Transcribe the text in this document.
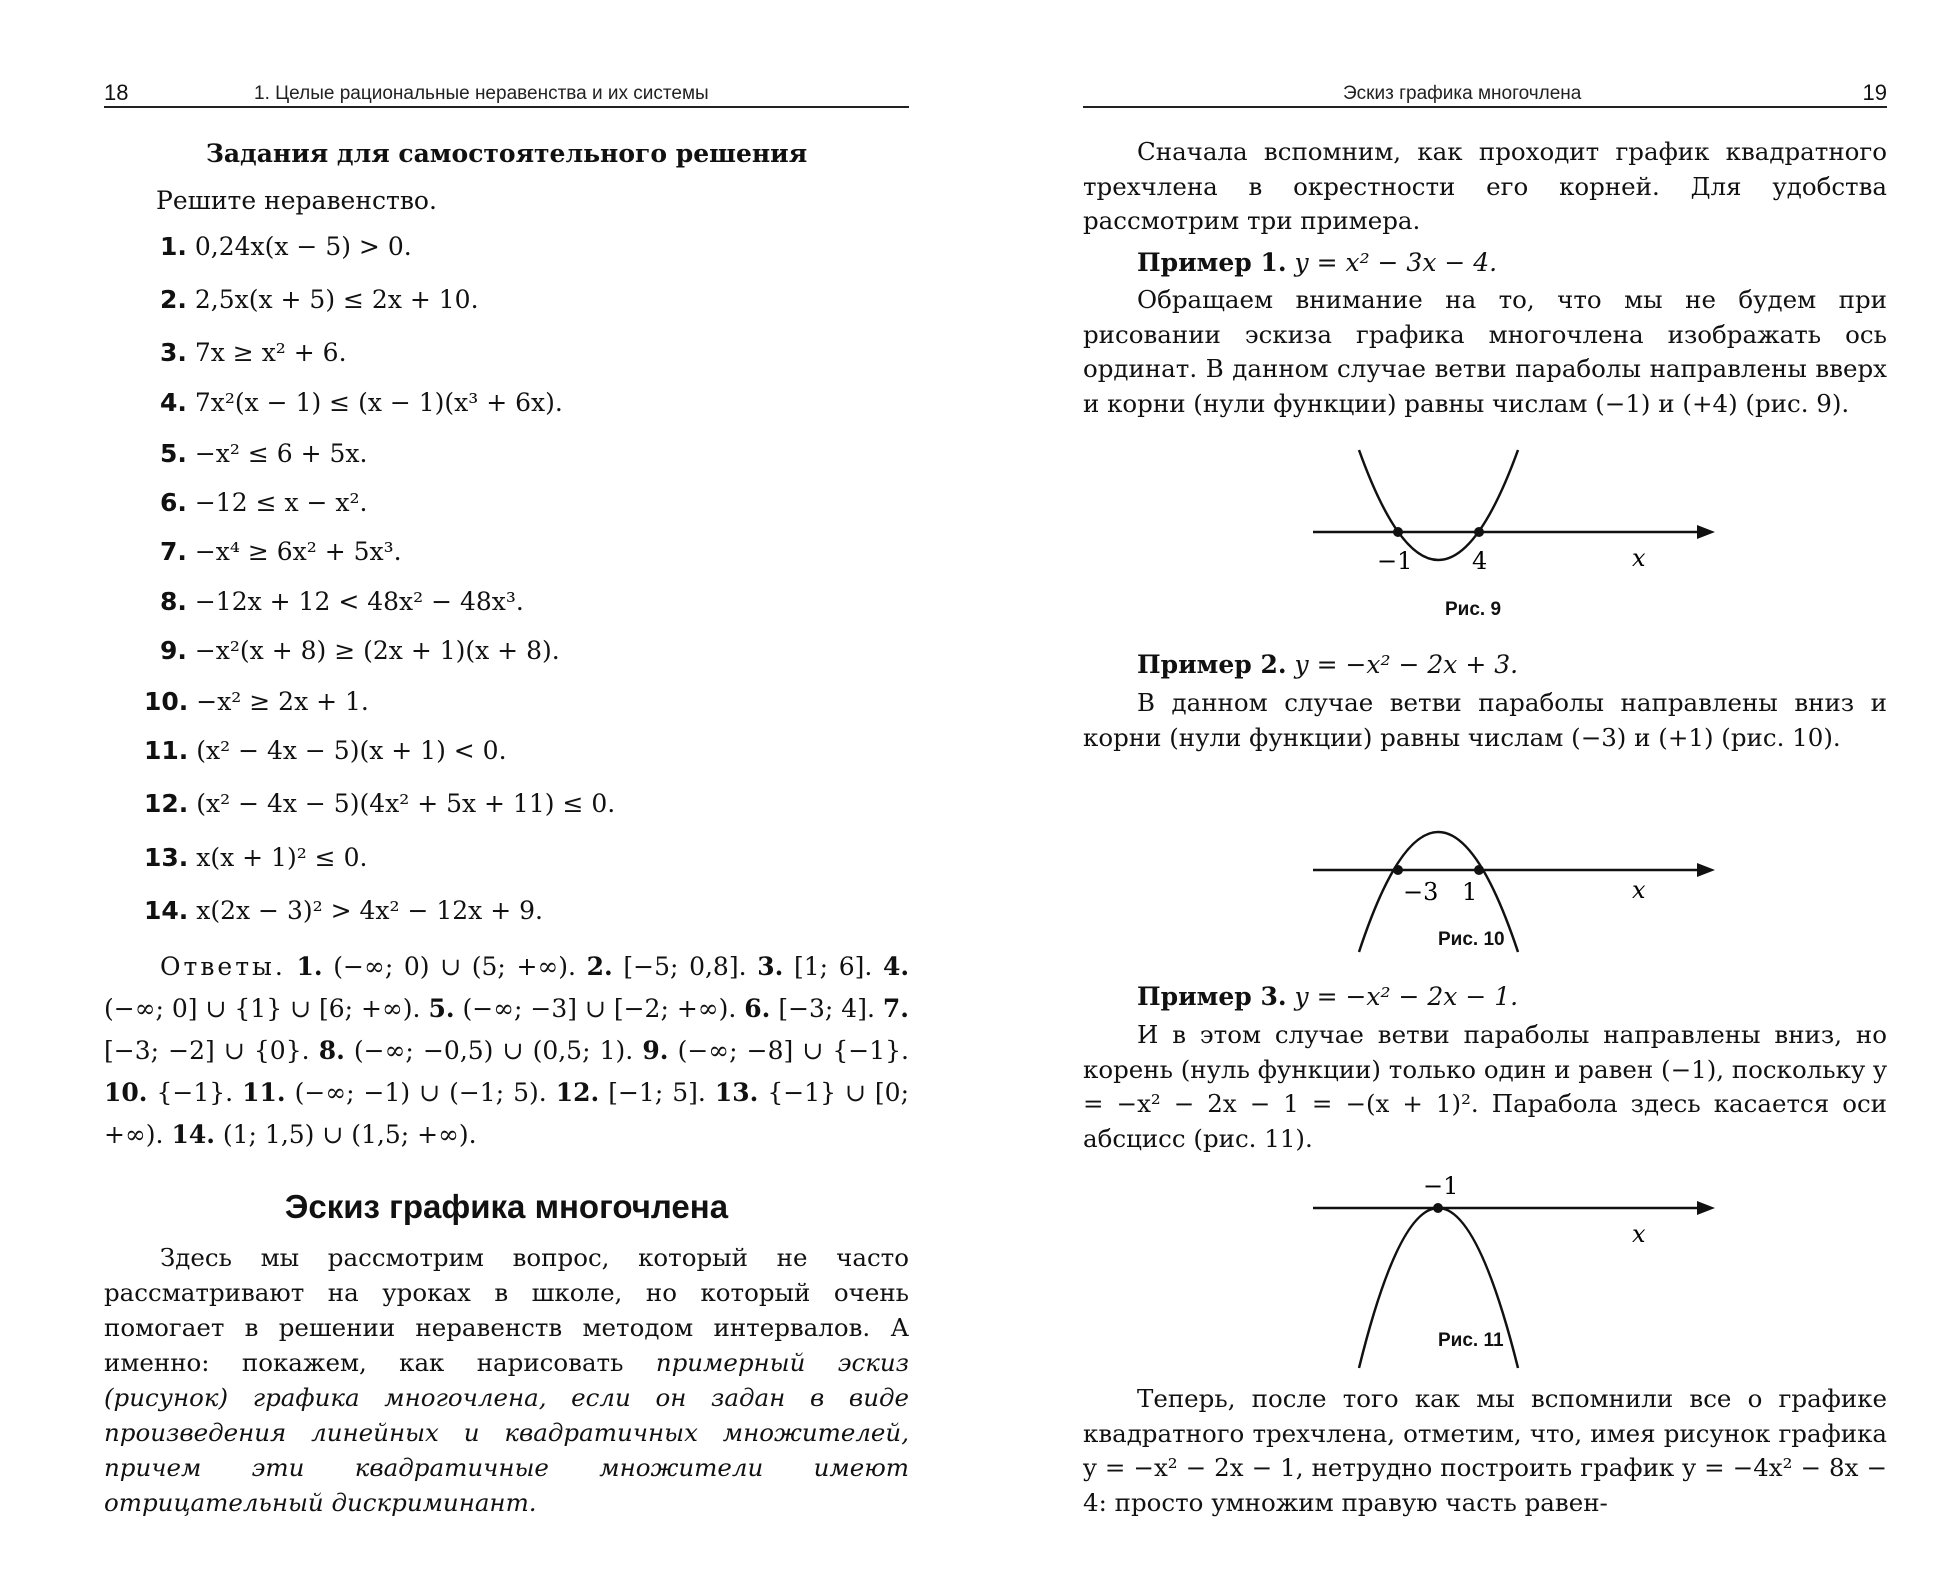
18	1. Целые рациональные неравенства и их системы
Задания для самостоятельного решения

Решите неравенство.

1. 0,24x(x − 5) > 0.
2. 2,5x(x + 5) ≤ 2x + 10.
3. 7x ≥ x² + 6.
4. 7x²(x − 1) ≤ (x − 1)(x³ + 6x).
5. −x² ≤ 6 + 5x.
6. −12 ≤ x − x².
7. −x⁴ ≥ 6x² + 5x³.
8. −12x + 12 < 48x² − 48x³.
9. −x²(x + 8) ≥ (2x + 1)(x + 8).
10. −x² ≥ 2x + 1.
11. (x² − 4x − 5)(x + 1) < 0.
12. (x² − 4x − 5)(4x² + 5x + 11) ≤ 0.
13. x(x + 1)² ≤ 0.
14. x(2x − 3)² > 4x² − 12x + 9.

Ответы. 1. (−∞; 0) ∪ (5; +∞). 2. [−5; 0,8]. 3. [1; 6]. 4. (−∞; 0] ∪ {1} ∪ [6; +∞). 5. (−∞; −3] ∪ [−2; +∞). 6. [−3; 4]. 7. [−3; −2] ∪ {0}. 8. (−∞; −0,5) ∪ (0,5; 1). 9. (−∞; −8] ∪ {−1}. 10. {−1}. 11. (−∞; −1) ∪ (−1; 5). 12. [−1; 5]. 13. {−1} ∪ [0; +∞). 14. (1; 1,5) ∪ (1,5; +∞).

Эскиз графика многочлена

Здесь мы рассмотрим вопрос, который не часто рассматривают на уроках в школе, но который очень помогает в решении неравенств методом интервалов. А именно: покажем, как нарисовать примерный эскиз (рисунок) графика многочлена, если он задан в виде произведения линейных и квадратичных множителей, причем эти квадратичные множители имеют отрицательный дискриминант.

Эскиз графика многочлена	19

Сначала вспомним, как проходит график квадратного трехчлена в окрестности его корней. Для удобства рассмотрим три примера.

Пример 1. y = x² − 3x − 4.

Обращаем внимание на то, что мы не будем при рисовании эскиза графика многочлена изображать ось ординат. В данном случае ветви параболы направлены вверх и корни (нули функции) равны числам (−1) и (+4) (рис. 9).

−1 4	x
Рис. 9

Пример 2. y = −x² − 2x + 3.

В данном случае ветви параболы направлены вниз и корни (нули функции) равны числам (−3) и (+1) (рис. 10).

−3 1	x
Рис. 10

Пример 3. y = −x² − 2x − 1.

И в этом случае ветви параболы направлены вниз, но корень (нуль функции) только один и равен (−1), поскольку y = −x² − 2x − 1 = −(x + 1)². Парабола здесь касается оси абсцисс (рис. 11).

−1
x
Рис. 11

Теперь, после того как мы вспомнили все о графике квадратного трехчлена, отметим, что, имея рисунок графика y = −x² − 2x − 1, нетрудно построить график y = −4x² − 8x − 4: просто умножим правую часть равен-
